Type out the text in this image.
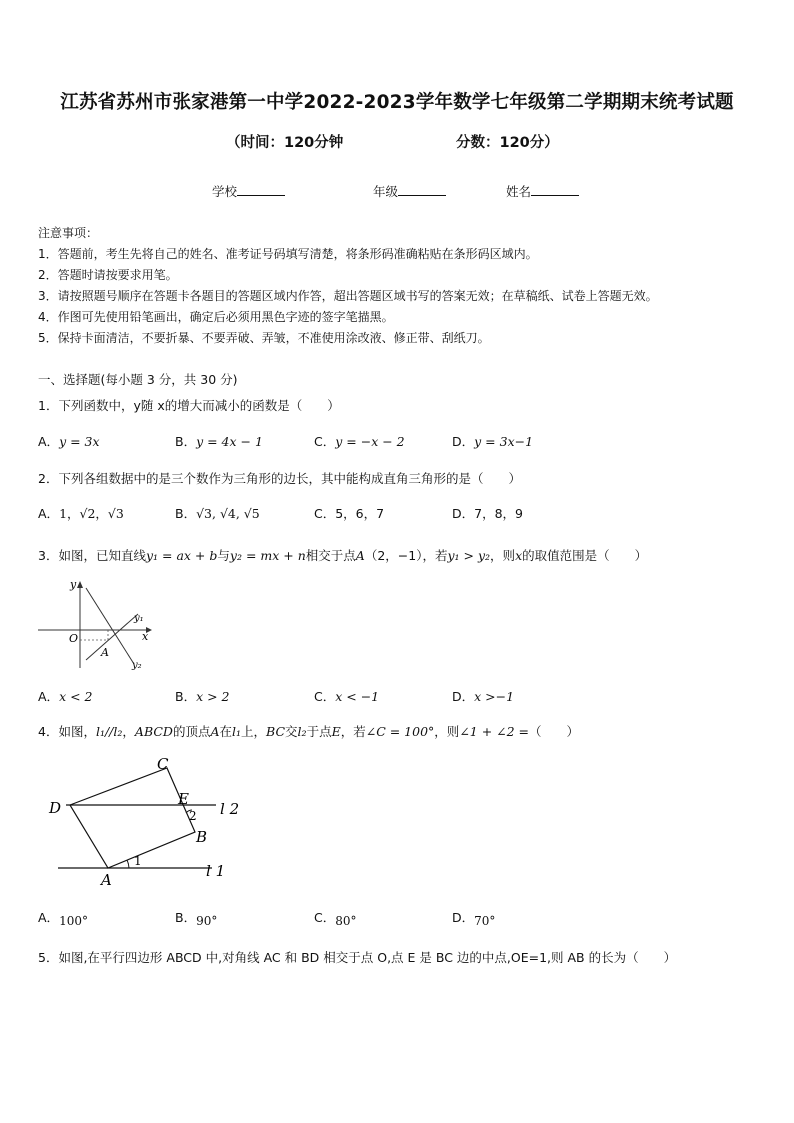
江苏省苏州市张家港第一中学2022-2023学年数学七年级第二学期期末统考试题
（时间：120分钟	分数：120分）
学校	年级	姓名
注意事项：
1．答题前，考生先将自己的姓名、准考证号码填写清楚，将条形码准确粘贴在条形码区域内。
2．答题时请按要求用笔。
3．请按照题号顺序在答题卡各题目的答题区域内作答，超出答题区域书写的答案无效；在草稿纸、试卷上答题无效。
4．作图可先使用铅笔画出，确定后必须用黑色字迹的签字笔描黑。
5．保持卡面清洁，不要折暴、不要弄破、弄皱，不准使用涂改液、修正带、刮纸刀。
一、选择题(每小题 3 分，共 30 分)
1．下列函数中，y随 x的增大而减小的函数是（　　）
A．y = 3x	B．y = 4x − 1	C．y = −x − 2	D．y = 3x−1
2．下列各组数据中的是三个数作为三角形的边长，其中能构成直角三角形的是（　　）
A．1，√2，√3	B．√3, √4, √5	C．5，6，7	D．7，8，9
3．如图，已知直线y₁ = ax + b与y₂ = mx + n相交于点A（2，−1），若y₁ > y₂，则x的取值范围是（　　）
y
x
O
A
y₁
y₂
A．x < 2	B．x > 2	C．x < −1	D．x >−1
4．如图，l₁//l₂，ABCD的顶点A在l₁上，BC交l₂于点E，若∠C = 100°，则∠1 + ∠2 =（　　）
C
D	E
B
A
l 2
l 1
1
2
A．100°	B．90°	C．80°	D．70°
5．如图,在平行四边形 ABCD 中,对角线 AC 和 BD 相交于点 O,点 E 是 BC 边的中点,OE=1,则 AB 的长为（　　）
